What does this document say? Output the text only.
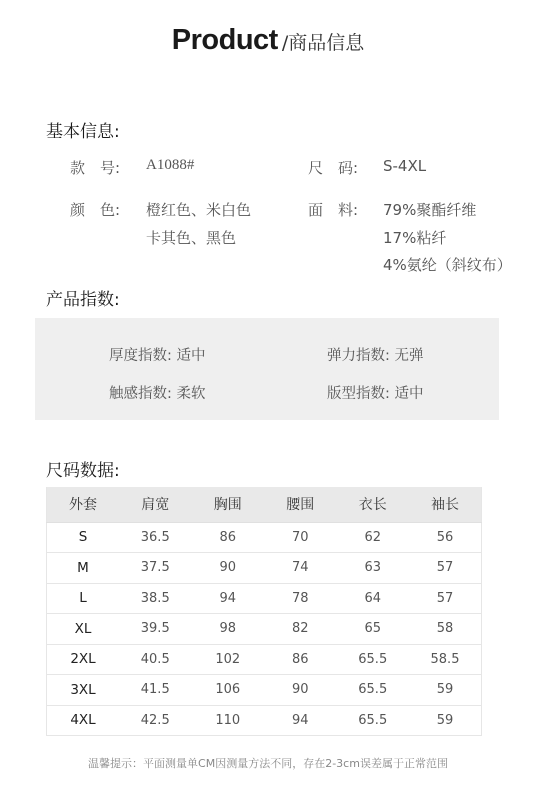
Product /商品信息
基本信息:
款　号: A1088#	尺　码: S-4XL
颜　色: 橙红色、米白色
卡其色、黑色
面　料: 79%聚酯纤维
17%粘纤
4%氨纶（斜纹布）
产品指数:
厚度指数: 适中	弹力指数: 无弹
触感指数: 柔软	版型指数: 适中
尺码数据:
外套	肩宽	胸围	腰围	衣长	袖长
S	36.5	86	70	62	56
M	37.5	90	74	63	57
L	38.5	94	78	64	57
XL	39.5	98	82	65	58
2XL	40.5	102	86	65.5	58.5
3XL	41.5	106	90	65.5	59
4XL	42.5	110	94	65.5	59
温馨提示：平面测量单CM因测量方法不同，存在2-3cm误差属于正常范围
